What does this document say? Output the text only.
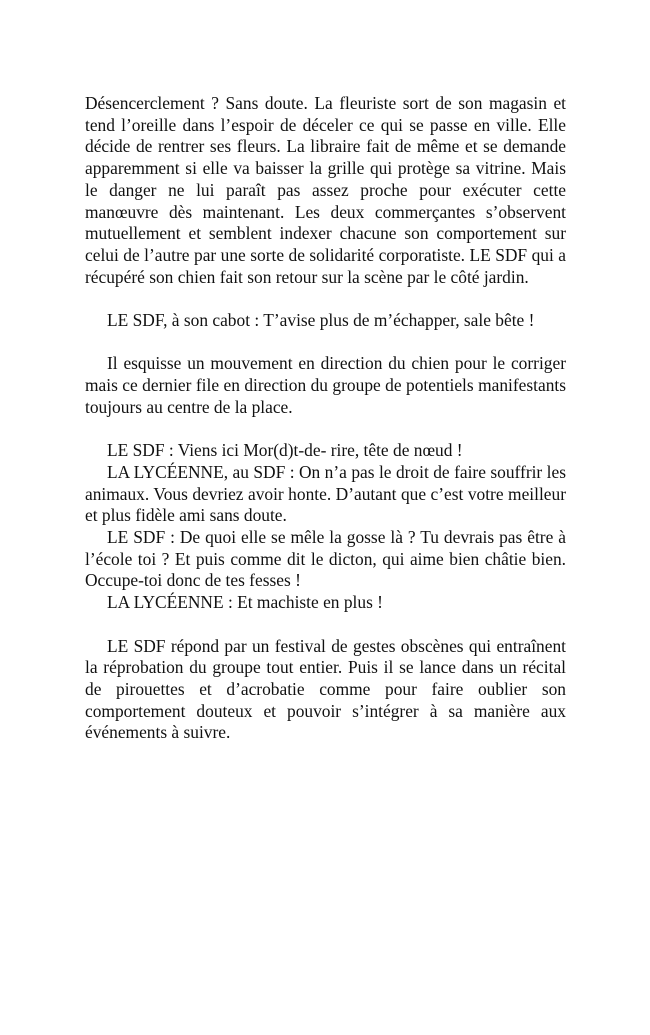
Désencerclement ? Sans doute. La fleuriste sort de son magasin et tend l’oreille dans l’espoir de déceler ce qui se passe en ville. Elle décide de rentrer ses fleurs. La libraire fait de même et se demande apparemment si elle va baisser la grille qui protège sa vitrine. Mais le danger ne lui paraît pas assez proche pour exécuter cette manœuvre dès maintenant. Les deux commerçantes s’observent mutuellement et semblent indexer chacune son comportement sur celui de l’autre par une sorte de solidarité corporatiste. LE SDF qui a récupéré son chien fait son retour sur la scène par le côté jardin.

LE SDF, à son cabot : T’avise plus de m’échapper, sale bête !

Il esquisse un mouvement en direction du chien pour le corriger mais ce dernier file en direction du groupe de potentiels manifestants toujours au centre de la place.

LE SDF : Viens ici Mor(d)t-de- rire, tête de nœud !

LA LYCÉENNE, au SDF : On n’a pas le droit de faire souffrir les animaux. Vous devriez avoir honte. D’autant que c’est votre meilleur et plus fidèle ami sans doute.

LE SDF : De quoi elle se mêle la gosse là ? Tu devrais pas être à l’école toi ? Et puis comme dit le dicton, qui aime bien châtie bien. Occupe-toi donc de tes fesses !

LA LYCÉENNE : Et machiste en plus !

LE SDF répond par un festival de gestes obscènes qui entraînent la réprobation du groupe tout entier. Puis il se lance dans un récital de pirouettes et d’acrobatie comme pour faire oublier son comportement douteux et pouvoir s’intégrer à sa manière aux événements à suivre.
